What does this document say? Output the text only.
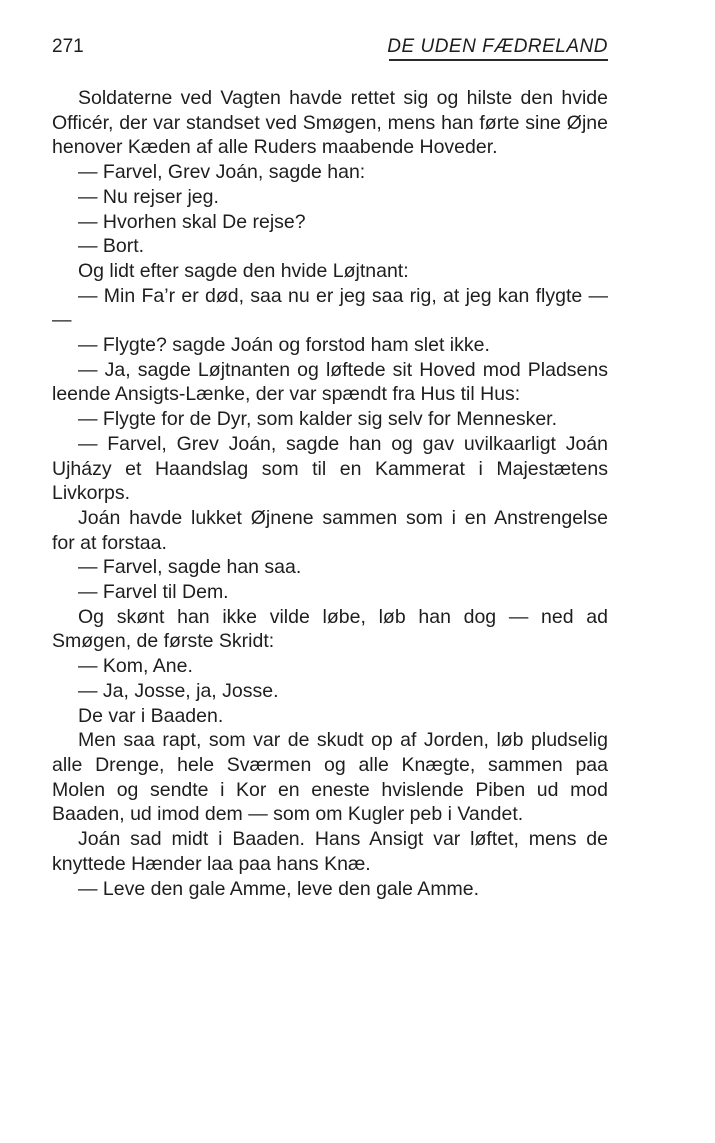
271	DE UDEN FÆDRELAND

Soldaterne ved Vagten havde rettet sig og hilste den hvide Officér, der var standset ved Smøgen, mens han førte sine Øjne henover Kæden af alle Ruders maabende Hoveder.

— Farvel, Grev Joán, sagde han:

— Nu rejser jeg.

— Hvorhen skal De rejse?

— Bort.

Og lidt efter sagde den hvide Løjtnant:

— Min Fa’r er død, saa nu er jeg saa rig, at jeg kan flygte — —

— Flygte? sagde Joán og forstod ham slet ikke.

— Ja, sagde Løjtnanten og løftede sit Hoved mod Pladsens leende Ansigts-Lænke, der var spændt fra Hus til Hus:

— Flygte for de Dyr, som kalder sig selv for Mennesker.

— Farvel, Grev Joán, sagde han og gav uvilkaarligt Joán Ujházy et Haandslag som til en Kammerat i Majestætens Livkorps.

Joán havde lukket Øjnene sammen som i en Anstrengelse for at forstaa.

— Farvel, sagde han saa.

— Farvel til Dem.

Og skønt han ikke vilde løbe, løb han dog — ned ad Smøgen, de første Skridt:

— Kom, Ane.

— Ja, Josse, ja, Josse.

De var i Baaden.

Men saa rapt, som var de skudt op af Jorden, løb pludselig alle Drenge, hele Sværmen og alle Knægte, sammen paa Molen og sendte i Kor en eneste hvislende Piben ud mod Baaden, ud imod dem — som om Kugler peb i Vandet.

Joán sad midt i Baaden. Hans Ansigt var løftet, mens de knyttede Hænder laa paa hans Knæ.

— Leve den gale Amme, leve den gale Amme.
